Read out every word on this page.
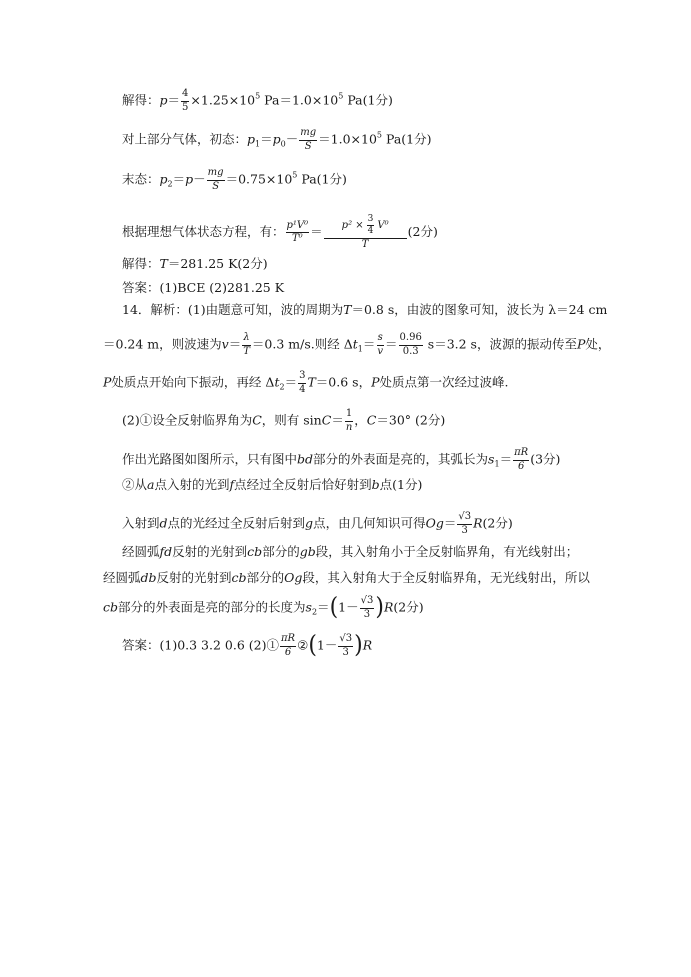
解得：$p= \frac{4}{5} \times 1.25\times 10^5$ $Pa=1.0\times 10^5$ Pa(1分)
对上部分气体，初态：$p_1=p_0- \frac{mg}{S} =1.0\times 10^5$ Pa(1分)
末态：$p_2=p- \frac{mg}{S} =0.75\times 10^5$ Pa(1分)
根据理想气体状态方程，有： $\frac{\text{p¹V⁰}}{\text{T⁰}} = \frac{p^2 \times \frac{3}{4} V^0}{T} (2$分)
解得：T＝281.25 K(2分)
答案：(1)BCE (2)281.25 K
14．解析：(1)由题意可知，波的周期为T＝0.8 s，由波的图象可知，波长为 λ＝24 cm
＝0.24 m，则波速为$v= \frac{\lambda}{T} =0.3$ m/s.则经 $\Delta t_1= \frac{s}{v} = \frac{0.96}{0.3} s=3.2$ s，波源的振动传至P处，
P处质点开始向下振动，再经 $\Delta t_2= \frac{3}{4} T=0.6$ s，P处质点第一次经过波峰.
(2)①设全反射临界角为C，则有 $\sin C= \frac{1}{n}$ ，C＝30° (2分)
作出光路图如图所示，只有图中bd部分的外表面是亮的，其弧长为$s_1= \frac{\pi R}{6} (3$分)
②从a点入射的光到f点经过全反射后恰好射到b点(1分)
入射到d点的光经过全反射后射到g点，由几何知识可得$Og= \frac{√3}{3} R(2$分)
经圆弧fd反射的光射到cb部分的gb段，其入射角小于全反射临界角，有光线射出；
经圆弧db反射的光射到cb部分的Og段，其入射角大于全反射临界角，无光线射出，所以
cb部分的外表面是亮的部分的长度为$s_2=(1- \frac{√3}{3} )R(2$分)
答案：(1)0.3 3.2 0.6 (2)① $\frac{\pi R}{6}$ ②(1－ $\frac{√3}{3} )R$
